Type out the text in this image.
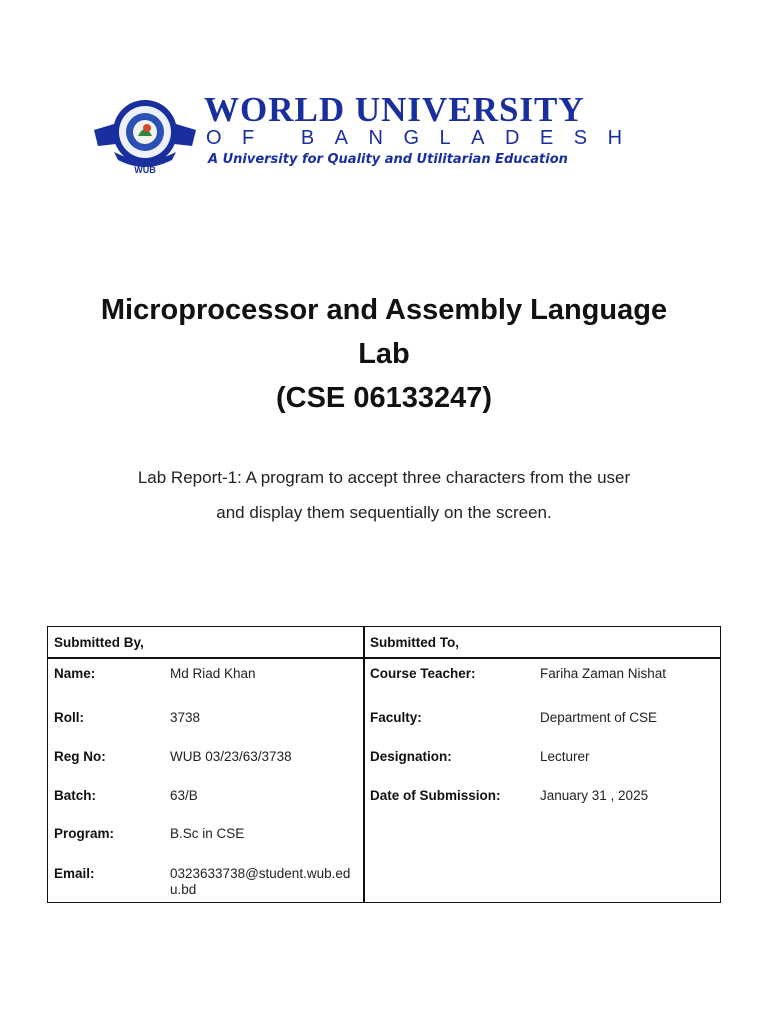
WUB
WORLD UNIVERSITY
OF BANGLADESH
A University for Quality and Utilitarian Education
Microprocessor and Assembly Language
Lab
(CSE 06133247)
Lab Report-1: A program to accept three characters from the user
and display them sequentially on the screen.
Submitted By,	Submitted To,
Name:	Md Riad Khan
Roll:	3738
Reg No:	WUB 03/23/63/3738
Batch:	63/B
Program:	B.Sc in CSE
Email:	0323633738@student.wub.edu.bd
Course Teacher:	Fariha Zaman Nishat
Faculty:	Department of CSE
Designation:	Lecturer
Date of Submission:	January 31 , 2025
